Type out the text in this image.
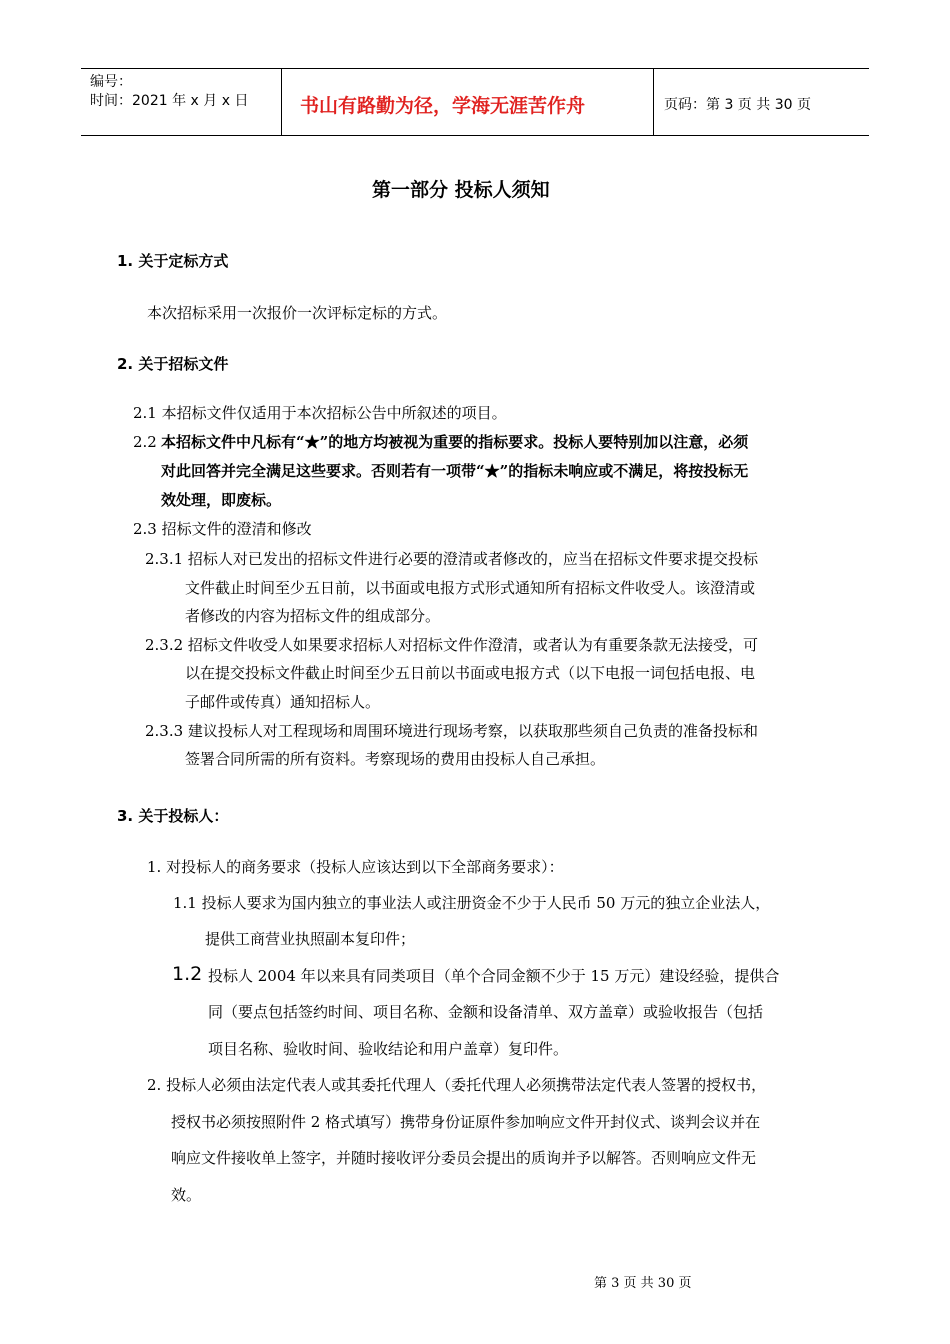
编号：
时间：2021 年 x 月 x 日	书山有路勤为径，学海无涯苦作舟	页码：第 3 页 共 30 页
第一部分 投标人须知
1. 关于定标方式
本次招标采用一次报价一次评标定标的方式。
2. 关于招标文件
2.1 本招标文件仅适用于本次招标公告中所叙述的项目。
2.2 本招标文件中凡标有“★”的地方均被视为重要的指标要求。投标人要特别加以注意，必须
对此回答并完全满足这些要求。否则若有一项带“★”的指标未响应或不满足，将按投标无
效处理，即废标。
2.3 招标文件的澄清和修改
2.3.1 招标人对已发出的招标文件进行必要的澄清或者修改的，应当在招标文件要求提交投标
文件截止时间至少五日前，以书面或电报方式形式通知所有招标文件收受人。该澄清或
者修改的内容为招标文件的组成部分。
2.3.2 招标文件收受人如果要求招标人对招标文件作澄清，或者认为有重要条款无法接受，可
以在提交投标文件截止时间至少五日前以书面或电报方式（以下电报一词包括电报、电
子邮件或传真）通知招标人。
2.3.3 建议投标人对工程现场和周围环境进行现场考察，以获取那些须自己负责的准备投标和
签署合同所需的所有资料。考察现场的费用由投标人自己承担。
3. 关于投标人：
1. 对投标人的商务要求（投标人应该达到以下全部商务要求）：
1.1 投标人要求为国内独立的事业法人或注册资金不少于人民币 50 万元的独立企业法人，
提供工商营业执照副本复印件；
1.2 投标人 2004 年以来具有同类项目（单个合同金额不少于 15 万元）建设经验，提供合
同（要点包括签约时间、项目名称、金额和设备清单、双方盖章）或验收报告（包括
项目名称、验收时间、验收结论和用户盖章）复印件。
2. 投标人必须由法定代表人或其委托代理人（委托代理人必须携带法定代表人签署的授权书，
授权书必须按照附件 2 格式填写）携带身份证原件参加响应文件开封仪式、谈判会议并在
响应文件接收单上签字，并随时接收评分委员会提出的质询并予以解答。否则响应文件无
效。
第 3 页 共 30 页
